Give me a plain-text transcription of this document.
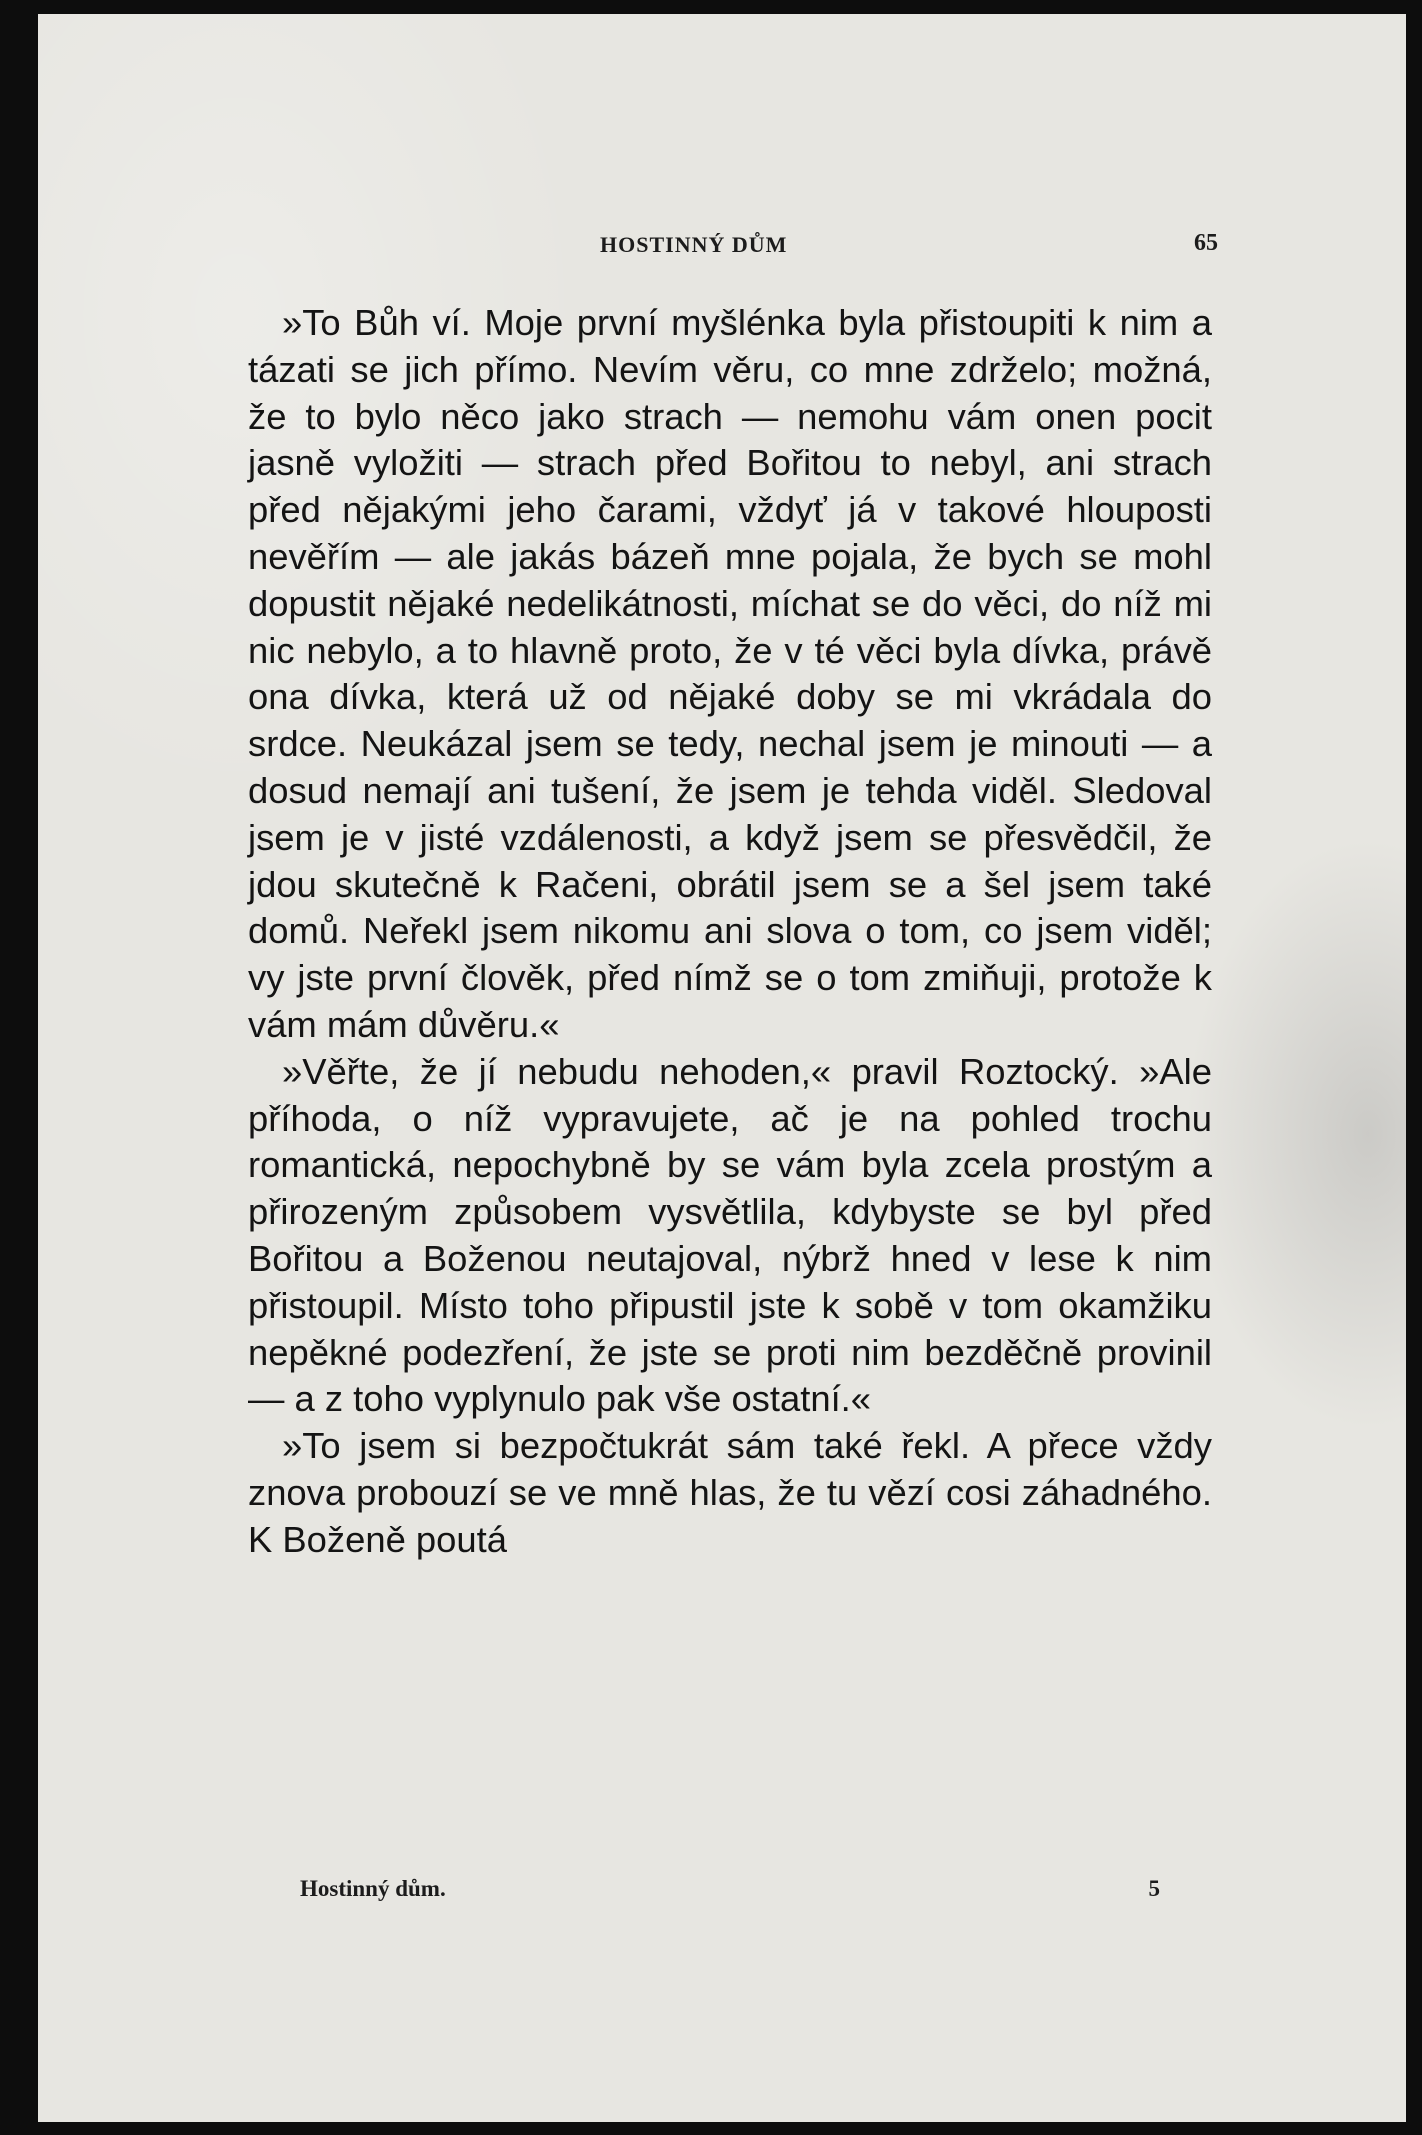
HOSTINNÝ DŮM	65

»To Bůh ví. Moje první myšlénka byla přistoupiti k nim a tázati se jich přímo. Nevím věru, co mne zdrželo; možná, že to bylo něco jako strach — nemohu vám onen pocit jasně vyložiti — strach před Bořitou to nebyl, ani strach před nějakými jeho čarami, vždyť já v takové hlouposti nevěřím — ale jakás bázeň mne pojala, že bych se mohl dopustit nějaké nedelikátnosti, míchat se do věci, do níž mi nic nebylo, a to hlavně proto, že v té věci byla dívka, právě ona dívka, která už od nějaké doby se mi vkrádala do srdce. Neukázal jsem se tedy, nechal jsem je minouti — a dosud nemají ani tušení, že jsem je tehda viděl. Sledoval jsem je v jisté vzdálenosti, a když jsem se přesvědčil, že jdou skutečně k Račeni, obrátil jsem se a šel jsem také domů. Neřekl jsem nikomu ani slova o tom, co jsem viděl; vy jste první člověk, před nímž se o tom zmiňuji, protože k vám mám důvěru.«

»Věřte, že jí nebudu nehoden,« pravil Roztocký. »Ale příhoda, o níž vypravujete, ač je na pohled trochu romantická, nepochybně by se vám byla zcela prostým a přirozeným způsobem vysvětlila, kdybyste se byl před Bořitou a Boženou neutajoval, nýbrž hned v lese k nim přistoupil. Místo toho připustil jste k sobě v tom okamžiku nepěkné podezření, že jste se proti nim bezděčně provinil — a z toho vyplynulo pak vše ostatní.«

»To jsem si bezpočtukrát sám také řekl. A přece vždy znova probouzí se ve mně hlas, že tu vězí cosi záhadného. K Boženě poutá

Hostinný dům.	5
